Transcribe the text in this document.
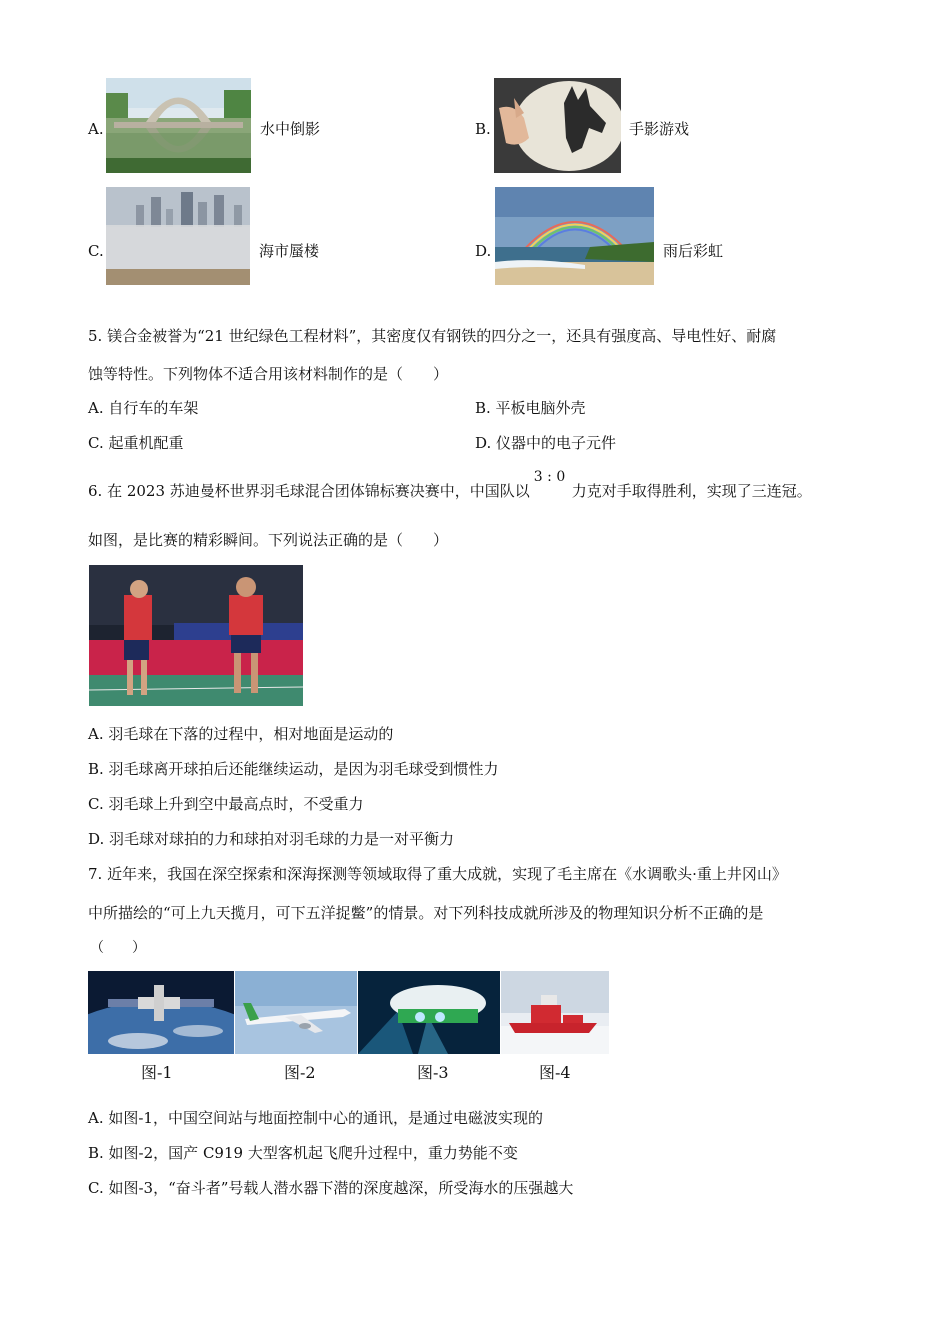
A.	水中倒影	B.	手影游戏
C.	海市蜃楼	D.	雨后彩虹
5. 镁合金被誉为“21 世纪绿色工程材料”，其密度仅有钢铁的四分之一，还具有强度高、导电性好、耐腐
蚀等特性。下列物体不适合用该材料制作的是（　　）
A. 自行车的车架	B. 平板电脑外壳
C. 起重机配重	D. 仪器中的电子元件
6. 在 2023 苏迪曼杯世界羽毛球混合团体锦标赛决赛中，中国队以
3 : 0
力克对手取得胜利，实现了三连冠。
如图，是比赛的精彩瞬间。下列说法正确的是（　　）
A. 羽毛球在下落的过程中，相对地面是运动的
B. 羽毛球离开球拍后还能继续运动，是因为羽毛球受到惯性力
C. 羽毛球上升到空中最高点时，不受重力
D. 羽毛球对球拍的力和球拍对羽毛球的力是一对平衡力
7. 近年来，我国在深空探索和深海探测等领域取得了重大成就，实现了毛主席在《水调歌头·重上井冈山》
中所描绘的“可上九天揽月，可下五洋捉鳖”的情景。对下列科技成就所涉及的物理知识分析不正确的是
（　　）
图-1	图-2	图-3	图-4
A. 如图-1，中国空间站与地面控制中心的通讯，是通过电磁波实现的
B. 如图-2，国产 C919 大型客机起飞爬升过程中，重力势能不变
C. 如图-3，“奋斗者”号载人潜水器下潜的深度越深，所受海水的压强越大
